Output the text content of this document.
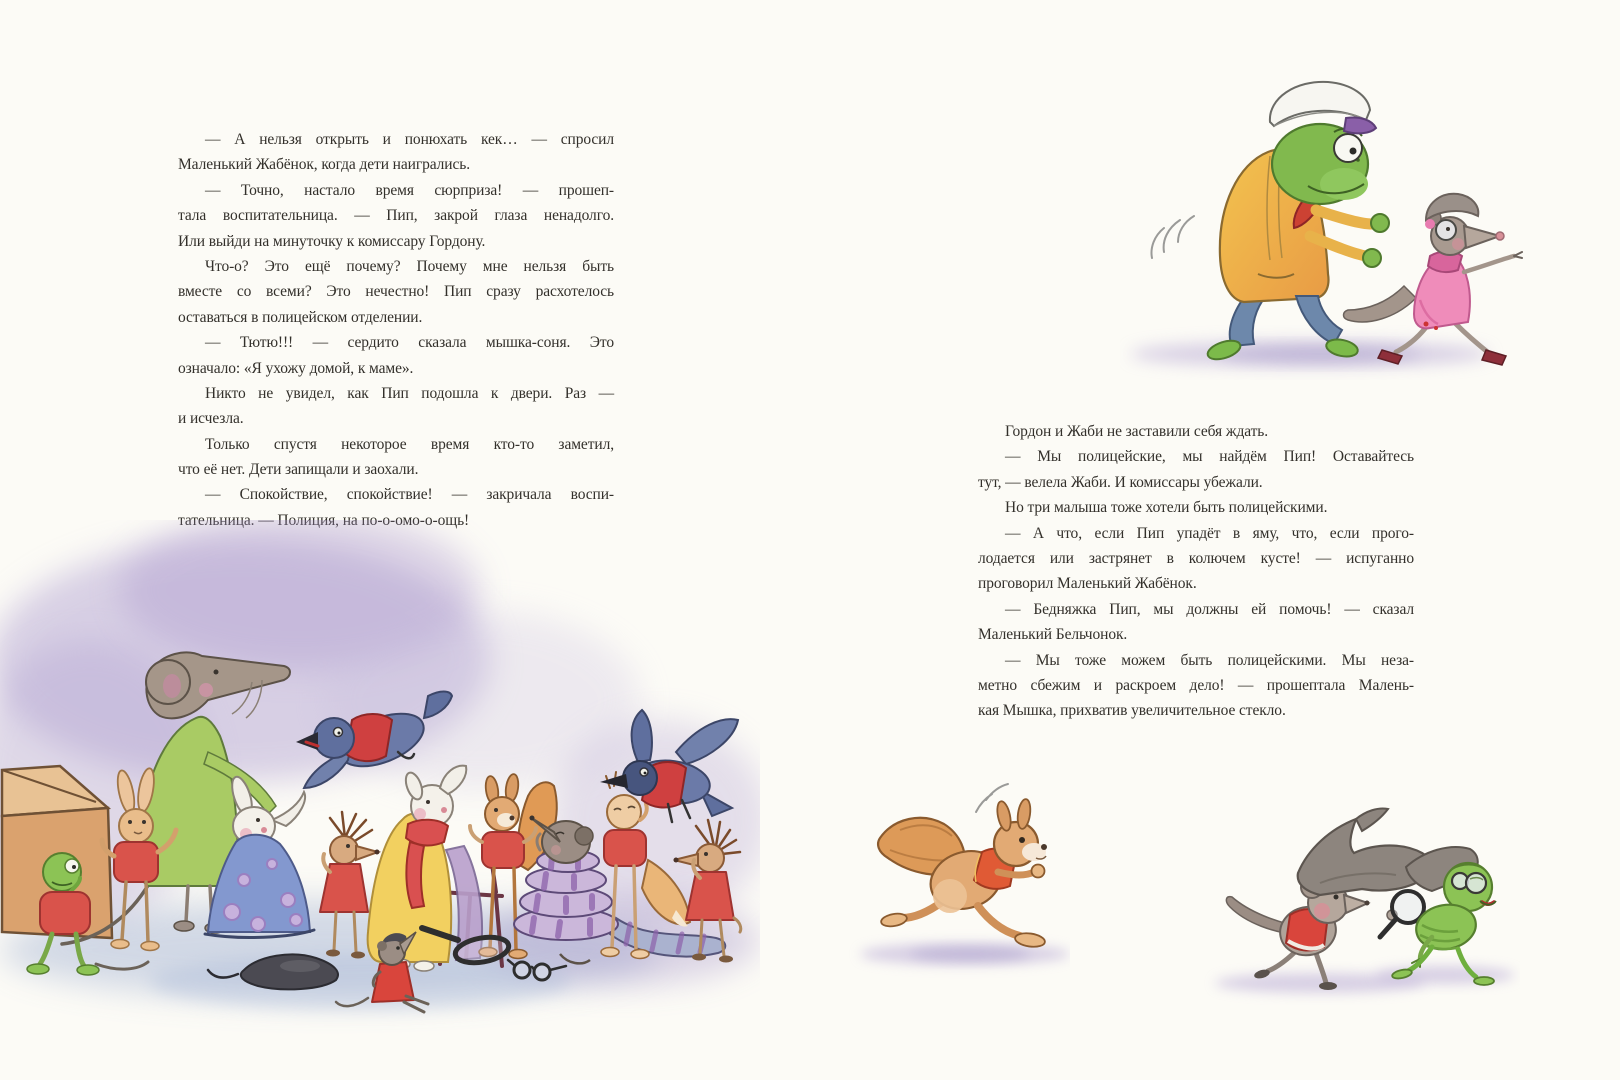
— А нельзя открыть и понюхать кек… — спросил
Маленький Жабёнок, когда дети наигрались.
— Точно, настало время сюрприза! — прошеп-
тала воспитательница. — Пип, закрой глаза ненадолго.
Или выйди на минуточку к комиссару Гордону.
Что-о? Это ещё почему? Почему мне нельзя быть
вместе со всеми? Это нечестно! Пип сразу расхотелось
оставаться в полицейском отделении.
— Тютю!!! — сердито сказала мышка-соня. Это
означало: «Я ухожу домой, к маме».
Никто не увидел, как Пип подошла к двери. Раз —
и исчезла.
Только спустя некоторое время кто-то заметил,
что её нет. Дети запищали и заохали.
— Спокойствие, спокойствие! — закричала воспи-
тательница. — Полиция, на по-о-омо-о-ощь!
Гордон и Жаби не заставили себя ждать.
— Мы полицейские, мы найдём Пип! Оставайтесь
тут, — велела Жаби. И комиссары убежали.
Но три малыша тоже хотели быть полицейскими.
— А что, если Пип упадёт в яму, что, если прого-
лодается или застрянет в колючем кусте! — испуганно
проговорил Маленький Жабёнок.
— Бедняжка Пип, мы должны ей помочь! — сказал
Маленький Бельчонок.
— Мы тоже можем быть полицейскими. Мы неза-
метно сбежим и раскроем дело! — прошептала Малень-
кая Мышка, прихватив увеличительное стекло.
